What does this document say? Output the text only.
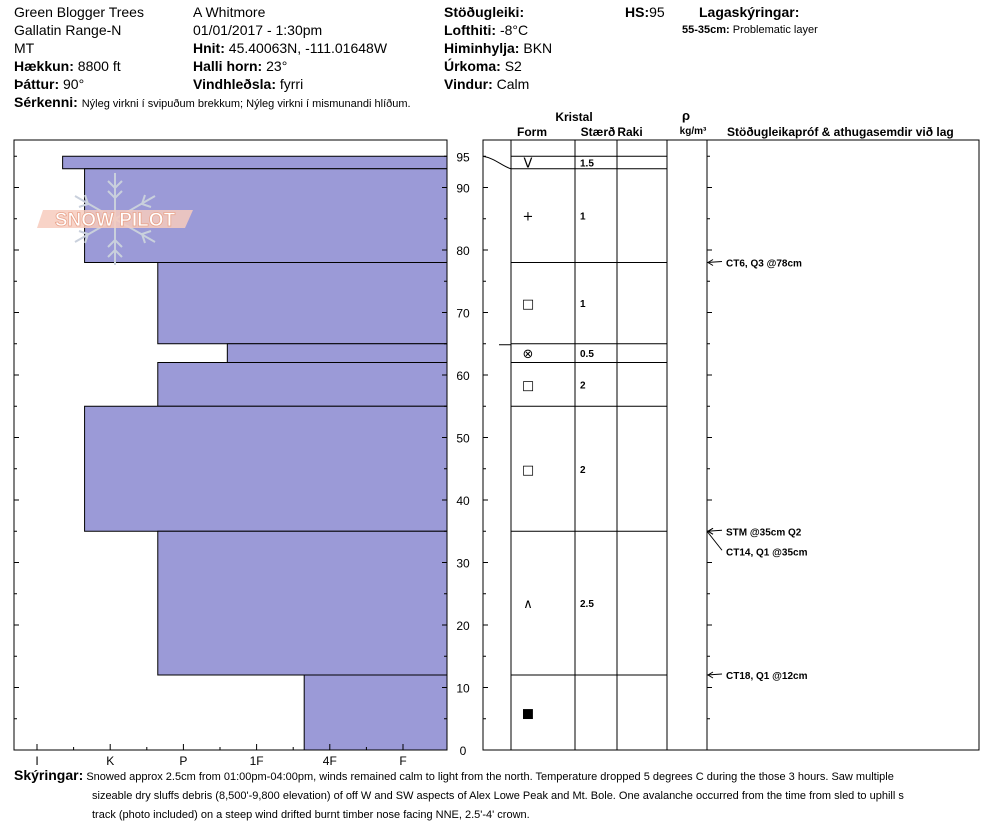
Green Blogger Trees
Gallatin Range-N
MT
Hækkun: 8800 ft
Þáttur: 90°
A Whitmore
01/01/2017 - 1:30pm
Hnit: 45.40063N, -111.01648W
Halli horn: 23°
Vindhleðsla: fyrri
Stöðugleiki:
Lofthiti: -8°C
Himinhylja: BKN
Úrkoma: S2
Vindur: Calm
HS:95 Lagaskýringar:
55-35cm: Problematic layer
Sérkenni: Nýleg virkni í svipuðum brekkum; Nýleg virkni í mismunandi hlíðum.
I	K	P	1F	4F	F
0
10
20
30
40
50
60
70
80
90
95
SNOW PILOT
V	1.5
+	1
□	1
⊗	0.5
□	2
□	2
∧	2.5
■
CT6, Q3 @78cm
STM @35cm Q2
CT14, Q1 @35cm
CT18, Q1 @12cm
Kristal
Form	Stærð Raki
ρ
kg/m³ Stöðugleikapróf & athugasemdir við lag
Skýringar: Snowed approx 2.5cm from 01:00pm-04:00pm, winds remained calm to light from the north. Temperature dropped 5 degrees C during the those 3 hours. Saw multiple
sizeable dry sluffs debris (8,500'-9,800 elevation) of off W and SW aspects of Alex Lowe Peak and Mt. Bole. One avalanche occurred from the time from sled to uphill s
track (photo included) on a steep wind drifted burnt timber nose facing NNE, 2.5'-4' crown.
